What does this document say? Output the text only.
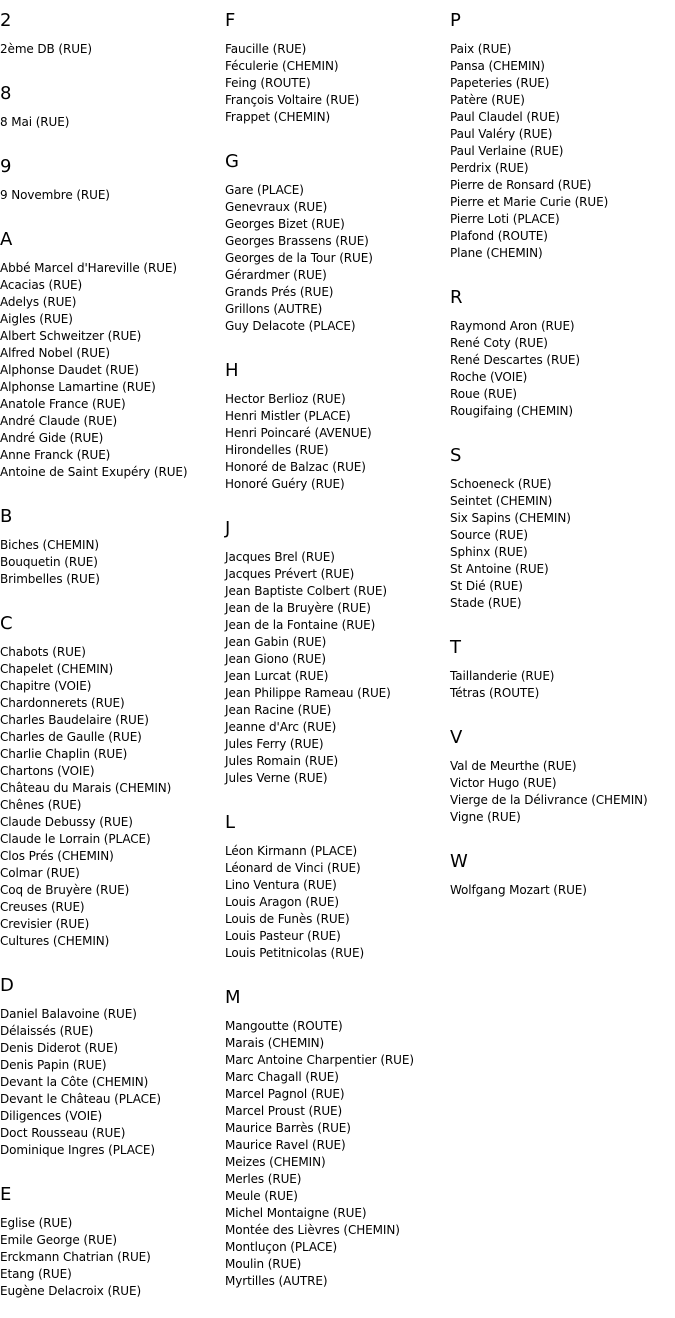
2
2ème DB (RUE)
8
8 Mai (RUE)
9
9 Novembre (RUE)
A
Abbé Marcel d'Hareville (RUE)
Acacias (RUE)
Adelys (RUE)
Aigles (RUE)
Albert Schweitzer (RUE)
Alfred Nobel (RUE)
Alphonse Daudet (RUE)
Alphonse Lamartine (RUE)
Anatole France (RUE)
André Claude (RUE)
André Gide (RUE)
Anne Franck (RUE)
Antoine de Saint Exupéry (RUE)
B
Biches (CHEMIN)
Bouquetin (RUE)
Brimbelles (RUE)
C
Chabots (RUE)
Chapelet (CHEMIN)
Chapitre (VOIE)
Chardonnerets (RUE)
Charles Baudelaire (RUE)
Charles de Gaulle (RUE)
Charlie Chaplin (RUE)
Chartons (VOIE)
Château du Marais (CHEMIN)
Chênes (RUE)
Claude Debussy (RUE)
Claude le Lorrain (PLACE)
Clos Prés (CHEMIN)
Colmar (RUE)
Coq de Bruyère (RUE)
Creuses (RUE)
Crevisier (RUE)
Cultures (CHEMIN)
D
Daniel Balavoine (RUE)
Délaissés (RUE)
Denis Diderot (RUE)
Denis Papin (RUE)
Devant la Côte (CHEMIN)
Devant le Château (PLACE)
Diligences (VOIE)
Doct Rousseau (RUE)
Dominique Ingres (PLACE)
E
Eglise (RUE)
Emile George (RUE)
Erckmann Chatrian (RUE)
Etang (RUE)
Eugène Delacroix (RUE)
F
Faucille (RUE)
Féculerie (CHEMIN)
Feing (ROUTE)
François Voltaire (RUE)
Frappet (CHEMIN)
G
Gare (PLACE)
Genevraux (RUE)
Georges Bizet (RUE)
Georges Brassens (RUE)
Georges de la Tour (RUE)
Gérardmer (RUE)
Grands Prés (RUE)
Grillons (AUTRE)
Guy Delacote (PLACE)
H
Hector Berlioz (RUE)
Henri Mistler (PLACE)
Henri Poincaré (AVENUE)
Hirondelles (RUE)
Honoré de Balzac (RUE)
Honoré Guéry (RUE)
J
Jacques Brel (RUE)
Jacques Prévert (RUE)
Jean Baptiste Colbert (RUE)
Jean de la Bruyère (RUE)
Jean de la Fontaine (RUE)
Jean Gabin (RUE)
Jean Giono (RUE)
Jean Lurcat (RUE)
Jean Philippe Rameau (RUE)
Jean Racine (RUE)
Jeanne d'Arc (RUE)
Jules Ferry (RUE)
Jules Romain (RUE)
Jules Verne (RUE)
L
Léon Kirmann (PLACE)
Léonard de Vinci (RUE)
Lino Ventura (RUE)
Louis Aragon (RUE)
Louis de Funès (RUE)
Louis Pasteur (RUE)
Louis Petitnicolas (RUE)
M
Mangoutte (ROUTE)
Marais (CHEMIN)
Marc Antoine Charpentier (RUE)
Marc Chagall (RUE)
Marcel Pagnol (RUE)
Marcel Proust (RUE)
Maurice Barrès (RUE)
Maurice Ravel (RUE)
Meizes (CHEMIN)
Merles (RUE)
Meule (RUE)
Michel Montaigne (RUE)
Montée des Lièvres (CHEMIN)
Montluçon (PLACE)
Moulin (RUE)
Myrtilles (AUTRE)
P
Paix (RUE)
Pansa (CHEMIN)
Papeteries (RUE)
Patère (RUE)
Paul Claudel (RUE)
Paul Valéry (RUE)
Paul Verlaine (RUE)
Perdrix (RUE)
Pierre de Ronsard (RUE)
Pierre et Marie Curie (RUE)
Pierre Loti (PLACE)
Plafond (ROUTE)
Plane (CHEMIN)
R
Raymond Aron (RUE)
René Coty (RUE)
René Descartes (RUE)
Roche (VOIE)
Roue (RUE)
Rougifaing (CHEMIN)
S
Schoeneck (RUE)
Seintet (CHEMIN)
Six Sapins (CHEMIN)
Source (RUE)
Sphinx (RUE)
St Antoine (RUE)
St Dié (RUE)
Stade (RUE)
T
Taillanderie (RUE)
Tétras (ROUTE)
V
Val de Meurthe (RUE)
Victor Hugo (RUE)
Vierge de la Délivrance (CHEMIN)
Vigne (RUE)
W
Wolfgang Mozart (RUE)
